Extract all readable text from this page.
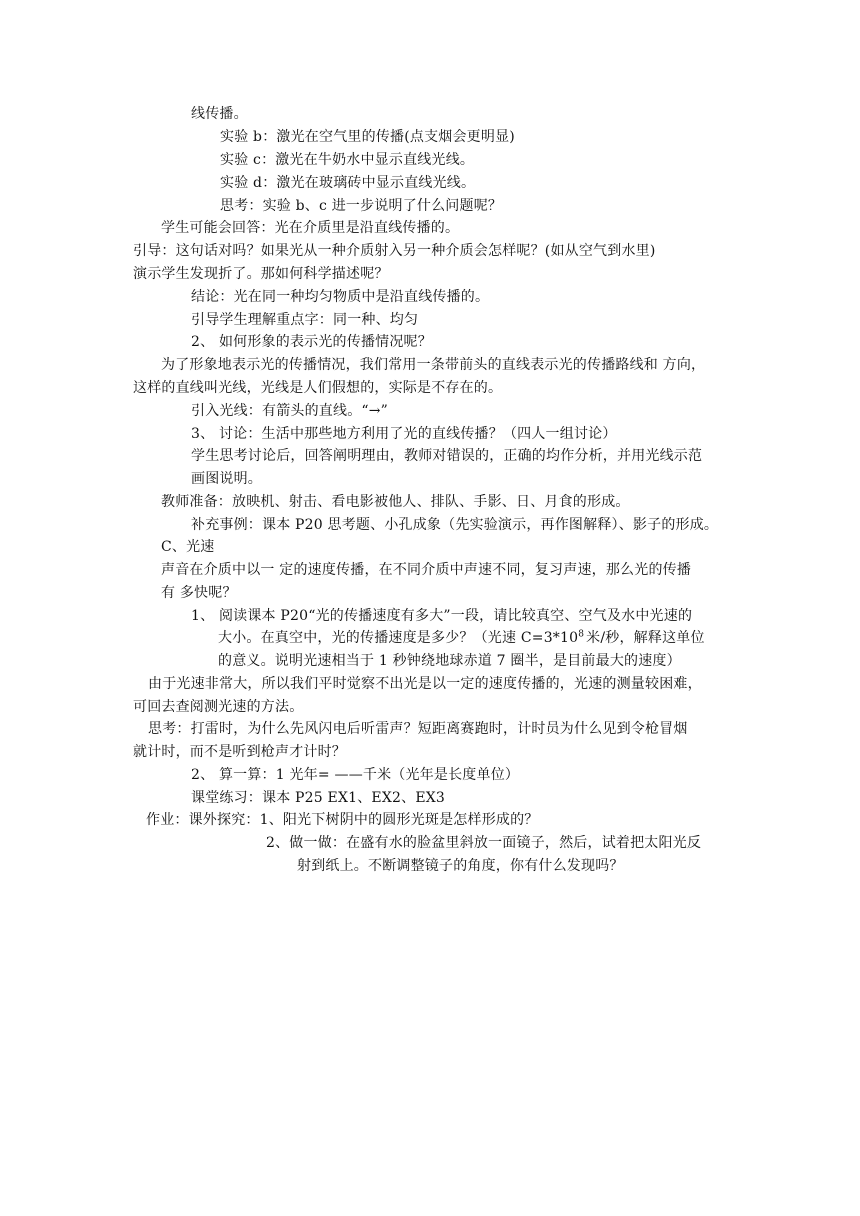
线传播。
实验 b：激光在空气里的传播(点支烟会更明显)
实验 c：激光在牛奶水中显示直线光线。
实验 d：激光在玻璃砖中显示直线光线。
思考：实验 b、c 进一步说明了什么问题呢？
学生可能会回答：光在介质里是沿直线传播的。
引导：这句话对吗？如果光从一种介质射入另一种介质会怎样呢？(如从空气到水里)
演示学生发现折了。那如何科学描述呢？
结论：光在同一种均匀物质中是沿直线传播的。
引导学生理解重点字：同一种、均匀
2、 如何形象的表示光的传播情况呢？
为了形象地表示光的传播情况，我们常用一条带前头的直线表示光的传播路线和 方向，
这样的直线叫光线，光线是人们假想的，实际是不存在的。
引入光线：有箭头的直线。“→”
3、 讨论：生活中那些地方利用了光的直线传播？（四人一组讨论）
学生思考讨论后，回答阐明理由，教师对错误的，正确的均作分析，并用光线示范
画图说明。
教师准备：放映机、射击、看电影被他人、排队、手影、日、月食的形成。
补充事例：课本 P20 思考题、小孔成象（先实验演示，再作图解释）、影子的形成。
C、光速
声音在介质中以一 定的速度传播，在不同介质中声速不同，复习声速，那么光的传播
有 多快呢？
1、 阅读课本 P20“光的传播速度有多大”一段，请比较真空、空气及水中光速的
大小。在真空中，光的传播速度是多少？（光速 $C=3*10^8$ 米/秒，解释这单位
的意义。说明光速相当于 1 秒钟绕地球赤道 7 圈半，是目前最大的速度）
由于光速非常大，所以我们平时觉察不出光是以一定的速度传播的，光速的测量较困难，
可回去查阅测光速的方法。
思考：打雷时，为什么先风闪电后听雷声？短距离赛跑时，计时员为什么见到令枪冒烟
就计时，而不是听到枪声才计时？
2、 算一算：1 光年= ——千米（光年是长度单位）
课堂练习：课本 P25 EX1、EX2、EX3
作业：课外探究：1、阳光下树阴中的圆形光斑是怎样形成的？
2、做一做：在盛有水的脸盆里斜放一面镜子，然后，试着把太阳光反
射到纸上。不断调整镜子的角度，你有什么发现吗？
